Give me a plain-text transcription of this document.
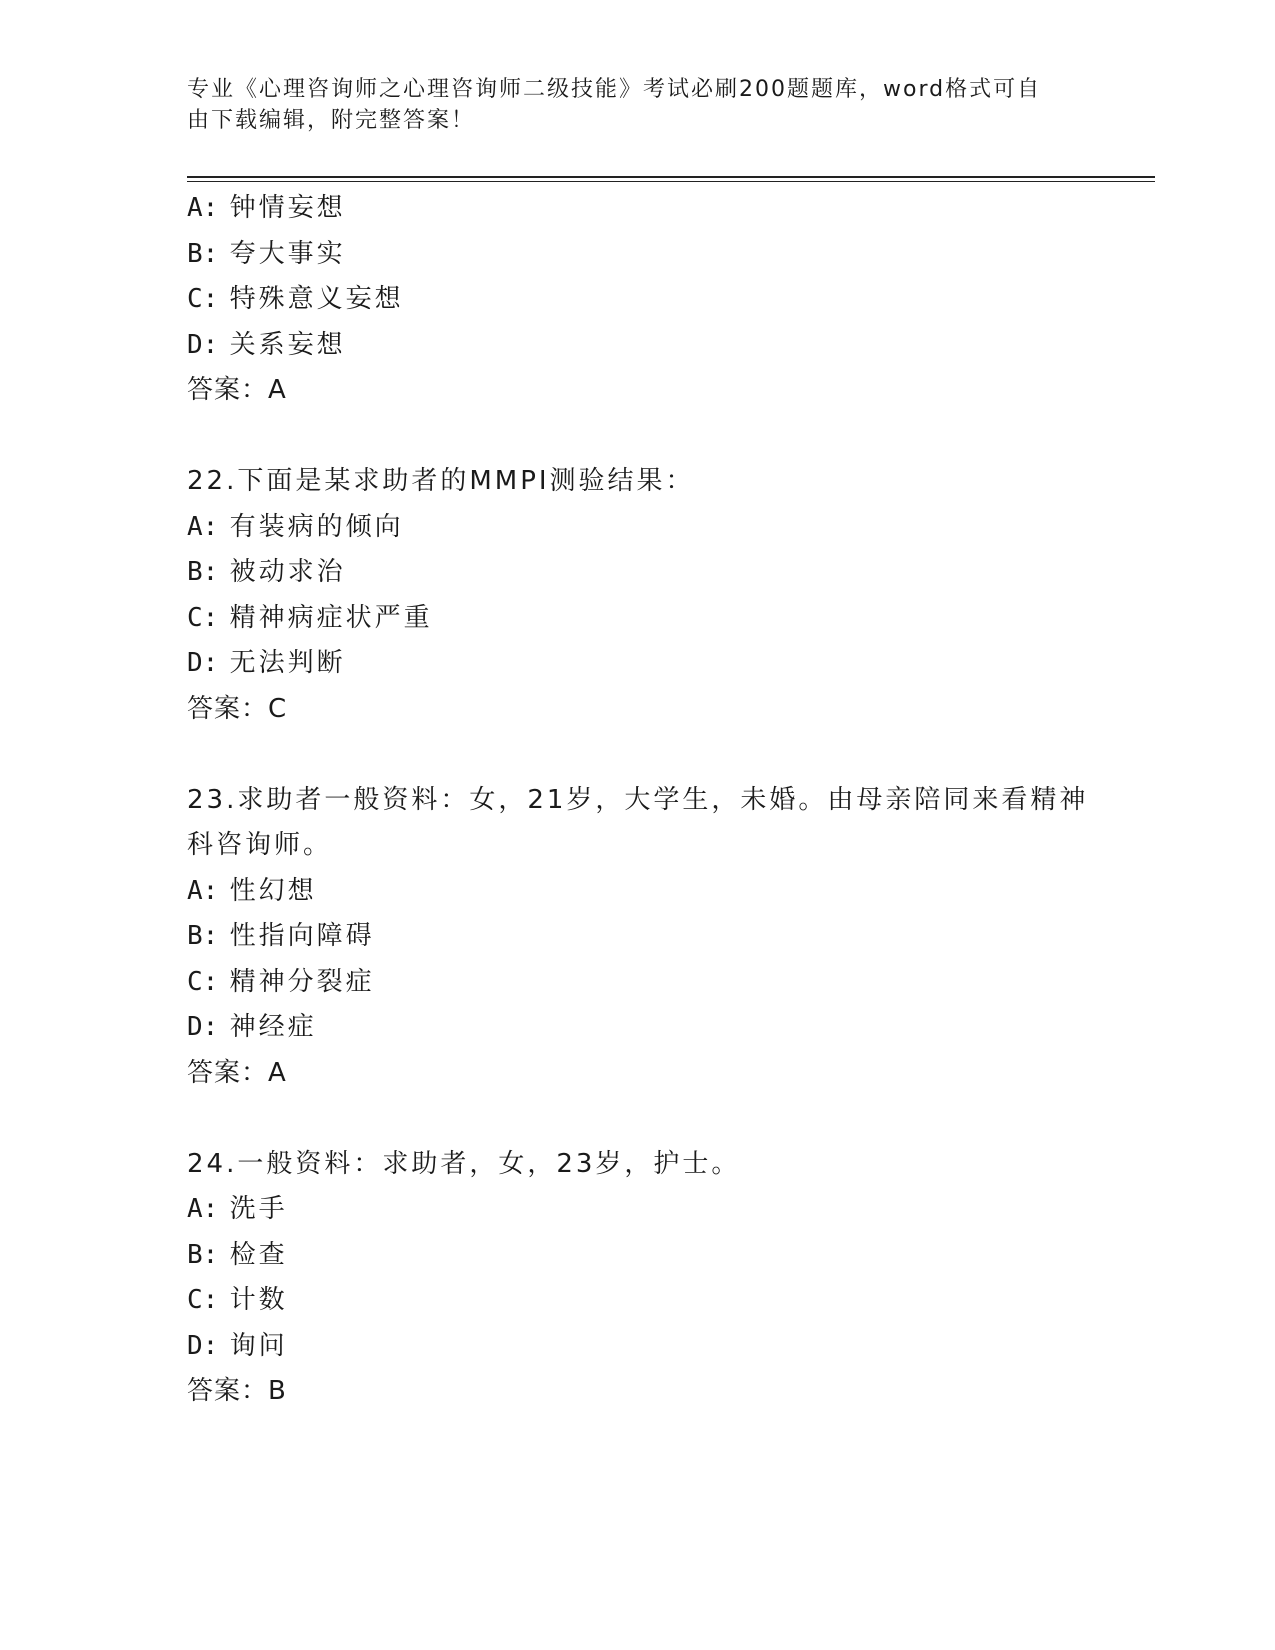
专业《心理咨询师之心理咨询师二级技能》考试必刷200题题库，word格式可自
由下载编辑，附完整答案！
A: 钟情妄想
B: 夸大事实
C: 特殊意义妄想
D: 关系妄想
答案：A
22.下面是某求助者的MMPI测验结果：
A: 有装病的倾向
B: 被动求治
C: 精神病症状严重
D: 无法判断
答案：C
23.求助者一般资料：女，21岁，大学生，未婚。由母亲陪同来看精神
科咨询师。
A: 性幻想
B: 性指向障碍
C: 精神分裂症
D: 神经症
答案：A
24.一般资料：求助者，女，23岁，护士。
A: 洗手
B: 检查
C: 计数
D: 询问
答案：B
